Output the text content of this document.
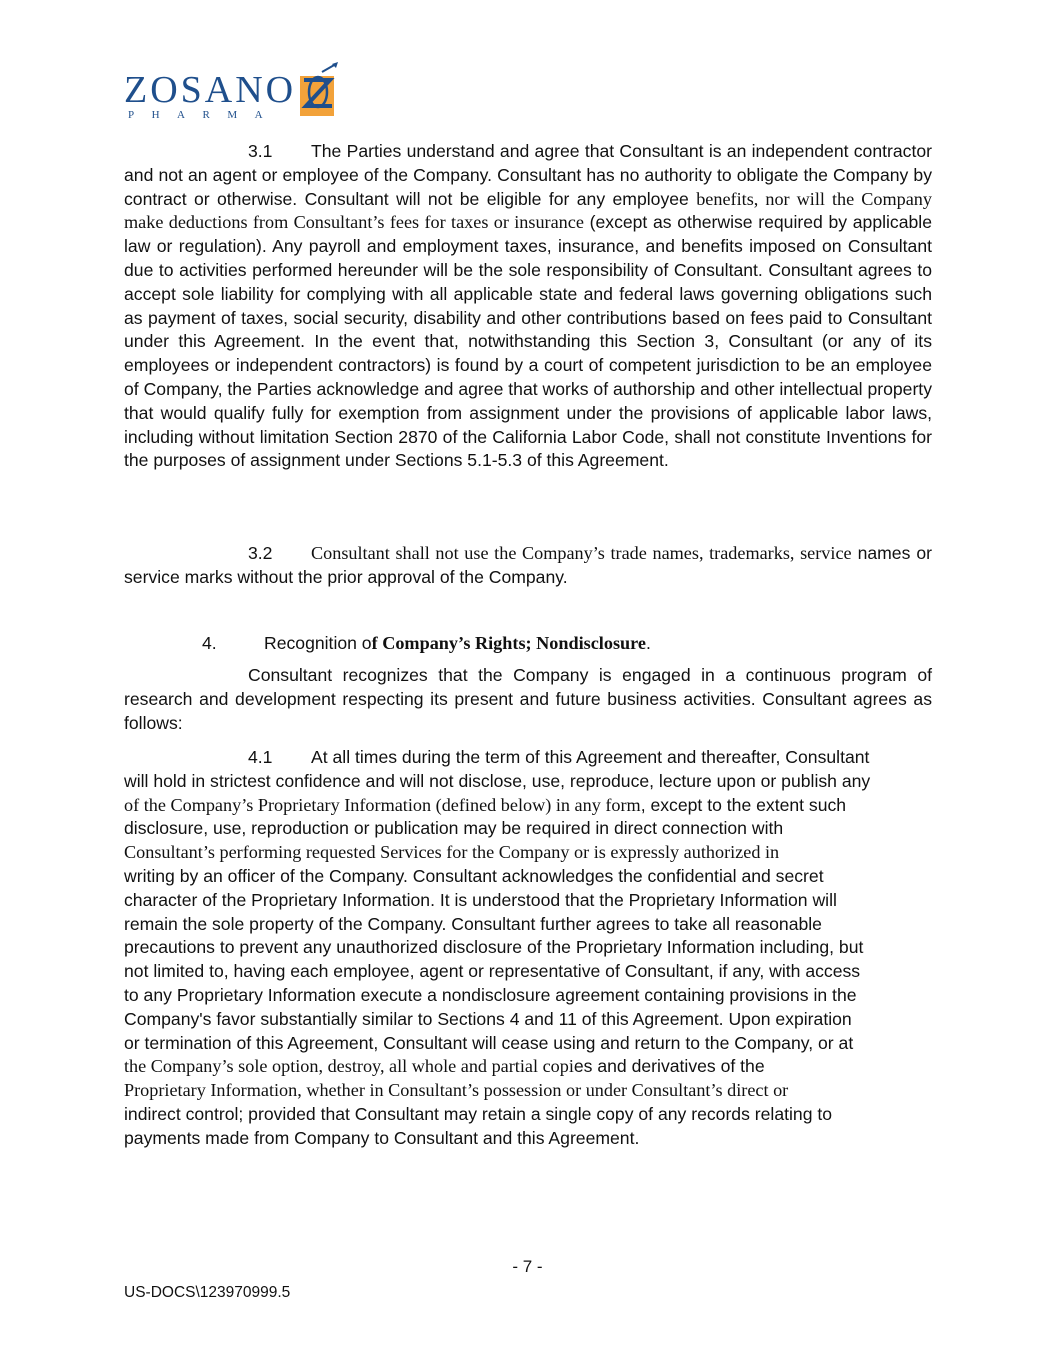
ZOSANO
PHARMA
3.1 The Parties understand and agree that Consultant is an independent contractor and not an agent or employee of the Company. Consultant has no authority to obligate the Company by contract or otherwise. Consultant will not be eligible for any employee benefits, nor will the Company make deductions from Consultant’s fees for taxes or insurance (except as otherwise required by applicable law or regulation). Any payroll and employment taxes, insurance, and benefits imposed on Consultant due to activities performed hereunder will be the sole responsibility of Consultant. Consultant agrees to accept sole liability for complying with all applicable state and federal laws governing obligations such as payment of taxes, social security, disability and other contributions based on fees paid to Consultant under this Agreement. In the event that, notwithstanding this Section 3, Consultant (or any of its employees or independent contractors) is found by a court of competent jurisdiction to be an employee of Company, the Parties acknowledge and agree that works of authorship and other intellectual property that would qualify fully for exemption from assignment under the provisions of applicable labor laws, including without limitation Section 2870 of the California Labor Code, shall not constitute Inventions for the purposes of assignment under Sections 5.1-5.3 of this Agreement.
3.2 Consultant shall not use the Company’s trade names, trademarks, service names or service marks without the prior approval of the Company.
4.	Recognition of Company’s Rights; Nondisclosure.
Consultant recognizes that the Company is engaged in a continuous program of research and development respecting its present and future business activities. Consultant agrees as follows:
4.1 At all times during the term of this Agreement and thereafter, Consultant
will hold in strictest confidence and will not disclose, use, reproduce, lecture upon or publish any
of the Company’s Proprietary Information (defined below) in any form, except to the extent such
disclosure, use, reproduction or publication may be required in direct connection with
Consultant’s performing requested Services for the Company or is expressly authorized in
writing by an officer of the Company. Consultant acknowledges the confidential and secret
character of the Proprietary Information. It is understood that the Proprietary Information will
remain the sole property of the Company. Consultant further agrees to take all reasonable
precautions to prevent any unauthorized disclosure of the Proprietary Information including, but
not limited to, having each employee, agent or representative of Consultant, if any, with access
to any Proprietary Information execute a nondisclosure agreement containing provisions in the
Company's favor substantially similar to Sections 4 and 11 of this Agreement. Upon expiration
or termination of this Agreement, Consultant will cease using and return to the Company, or at
the Company’s sole option, destroy, all whole and partial copies and derivatives of the
Proprietary Information, whether in Consultant’s possession or under Consultant’s direct or
indirect control; provided that Consultant may retain a single copy of any records relating to
payments made from Company to Consultant and this Agreement.
- 7 -
US-DOCS\123970999.5
